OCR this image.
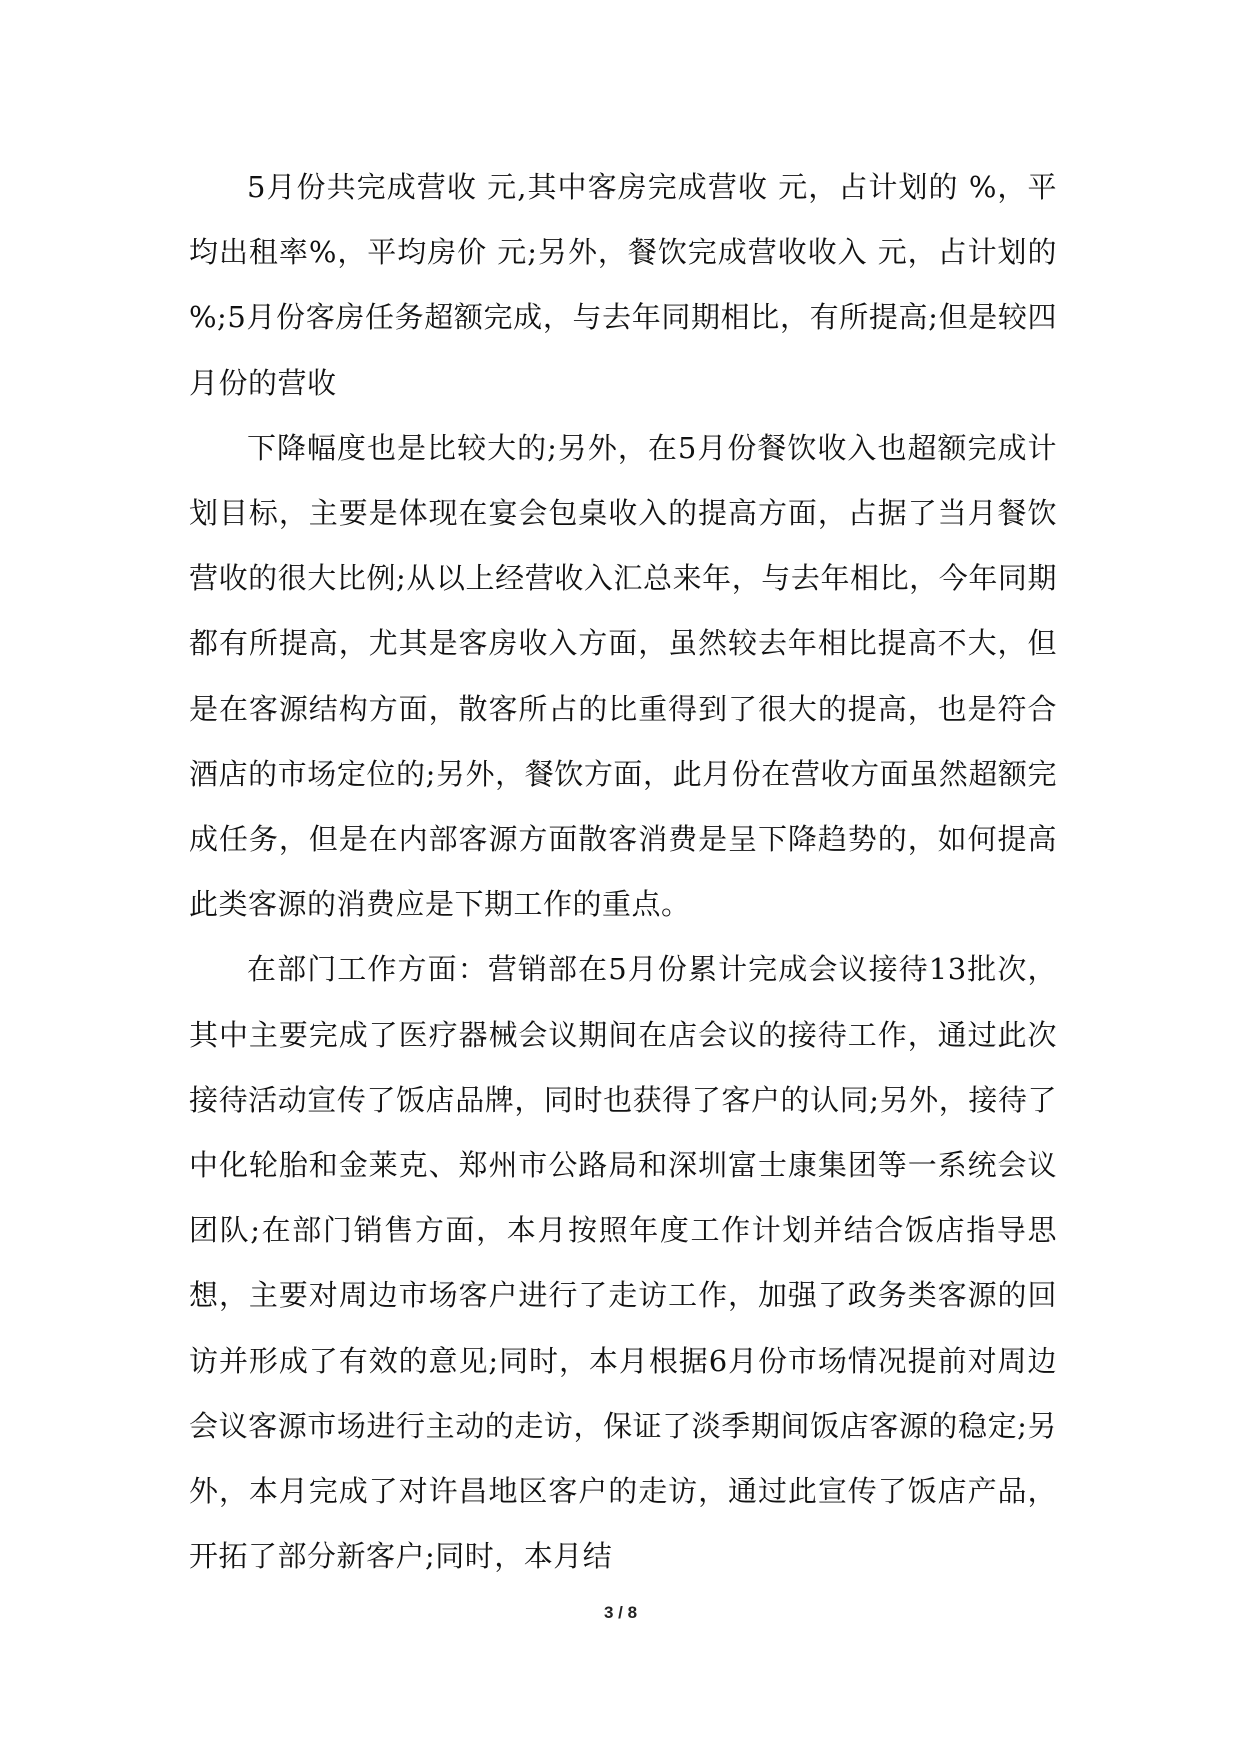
5月份共完成营收 元,其中客房完成营收 元，占计划的 %，平均出租率%，平均房价 元;另外，餐饮完成营收收入 元，占计划的 %;5月份客房任务超额完成，与去年同期相比，有所提高;但是较四月份的营收

下降幅度也是比较大的;另外，在5月份餐饮收入也超额完成计划目标，主要是体现在宴会包桌收入的提高方面，占据了当月餐饮营收的很大比例;从以上经营收入汇总来年，与去年相比，今年同期都有所提高，尤其是客房收入方面，虽然较去年相比提高不大，但是在客源结构方面，散客所占的比重得到了很大的提高，也是符合酒店的市场定位的;另外，餐饮方面，此月份在营收方面虽然超额完成任务，但是在内部客源方面散客消费是呈下降趋势的，如何提高此类客源的消费应是下期工作的重点。

在部门工作方面：营销部在5月份累计完成会议接待13批次，其中主要完成了医疗器械会议期间在店会议的接待工作，通过此次接待活动宣传了饭店品牌，同时也获得了客户的认同;另外，接待了中化轮胎和金莱克、郑州市公路局和深圳富士康集团等一系统会议团队;在部门销售方面，本月按照年度工作计划并结合饭店指导思想，主要对周边市场客户进行了走访工作，加强了政务类客源的回访并形成了有效的意见;同时，本月根据6月份市场情况提前对周边会议客源市场进行主动的走访，保证了淡季期间饭店客源的稳定;另外，本月完成了对许昌地区客户的走访，通过此宣传了饭店产品，开拓了部分新客户;同时，本月结

3 / 8
